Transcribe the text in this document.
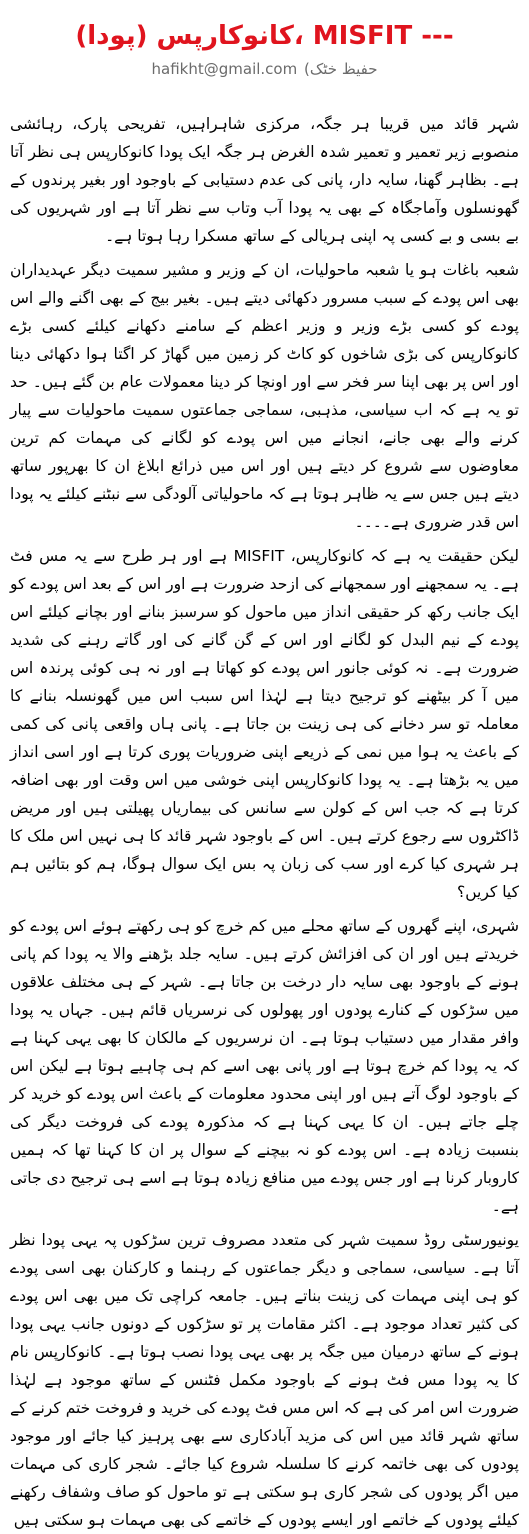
کانوکارپس (پودا)، MISFIT ---
hafikht@gmail.com (حفیظ خٹک

شہر قائد میں قریبا ہر جگہ، مرکزی شاہراہیں، تفریحی پارک، رہائشی منصوبے زیر تعمیر و تعمیر شدہ الغرض ہر جگہ ایک پودا کانوکارپس ہی نظر آتا ہے۔ بظاہر گھنا، سایہ دار، پانی کی عدم دستیابی کے باوجود اور بغیر پرندوں کے گھونسلوں وآماجگاہ کے بھی یہ پودا آب وتاب سے نظر آتا ہے اور شہریوں کی بے بسی و بے کسی پہ اپنی ہریالی کے ساتھ مسکرا رہا ہوتا ہے۔

شعبہ باغات ہو یا شعبہ ماحولیات، ان کے وزیر و مشیر سمیت دیگر عہدیداران بھی اس پودے کے سبب مسرور دکھائی دیتے ہیں۔ بغیر بیج کے بھی اگنے والے اس پودے کو کسی بڑے وزیر و وزیر اعظم کے سامنے دکھانے کیلئے کسی بڑے کانوکارپس کی بڑی شاخوں کو کاٹ کر زمین میں گھاڑ کر اگتا ہوا دکھائی دینا اور اس پر بھی اپنا سر فخر سے اور اونچا کر دینا معمولات عام بن گئے ہیں۔ حد تو یہ ہے کہ اب سیاسی، مذہبی، سماجی جماعتوں سمیت ماحولیات سے پیار کرنے والے بھی جانے، انجانے میں اس پودے کو لگانے کی مہمات کم ترین معاوضوں سے شروع کر دیتے ہیں اور اس میں ذرائع ابلاغ ان کا بھرپور ساتھ دیتے ہیں جس سے یہ ظاہر ہوتا ہے کہ ماحولیاتی آلودگی سے نبٹنے کیلئے یہ پودا اس قدر ضروری ہے۔۔۔۔

لیکن حقیقت یہ ہے کہ کانوکارپس، MISFIT ہے اور ہر طرح سے یہ مس فٹ ہے۔ یہ سمجھنے اور سمجھانے کی ازحد ضرورت ہے اور اس کے بعد اس پودے کو ایک جانب رکھ کر حقیقی انداز میں ماحول کو سرسبز بنانے اور بچانے کیلئے اس پودے کے نیم البدل کو لگانے اور اس کے گن گانے کی اور گاتے رہنے کی شدید ضرورت ہے۔ نہ کوئی جانور اس پودے کو کھاتا ہے اور نہ ہی کوئی پرندہ اس میں آ کر بیٹھنے کو ترجیح دیتا ہے لہٰذا اس سبب اس میں گھونسلہ بنانے کا معاملہ تو سر دخانے کی ہی زینت بن جاتا ہے۔ پانی ہاں واقعی پانی کی کمی کے باعث یہ ہوا میں نمی کے ذریعے اپنی ضروریات پوری کرتا ہے اور اسی انداز میں یہ بڑھتا ہے۔ یہ پودا کانوکارپس اپنی خوشی میں اس وقت اور بھی اضافہ کرتا ہے کہ جب اس کے کولن سے سانس کی بیماریاں پھیلتی ہیں اور مریض ڈاکٹروں سے رجوع کرتے ہیں۔ اس کے باوجود شہر قائد کا ہی نہیں اس ملک کا ہر شہری کیا کرے اور سب کی زبان پہ بس ایک سوال ہوگا، ہم کو بتائیں ہم کیا کریں؟

شہری، اپنے گھروں کے ساتھ محلے میں کم خرچ کو ہی رکھتے ہوئے اس پودے کو خریدتے ہیں اور ان کی افزائش کرتے ہیں۔ سایہ جلد بڑھنے والا یہ پودا کم پانی ہونے کے باوجود بھی سایہ دار درخت بن جاتا ہے۔ شہر کے ہی مختلف علاقوں میں سڑکوں کے کنارے پودوں اور پھولوں کی نرسریاں قائم ہیں۔ جہاں یہ پودا وافر مقدار میں دستیاب ہوتا ہے۔ ان نرسریوں کے مالکان کا بھی یہی کہنا ہے کہ یہ پودا کم خرچ ہوتا ہے اور پانی بھی اسے کم ہی چاہیے ہوتا ہے لیکن اس کے باوجود لوگ آتے ہیں اور اپنی محدود معلومات کے باعث اس پودے کو خرید کر چلے جاتے ہیں۔ ان کا یہی کہنا ہے کہ مذکورہ پودے کی فروخت دیگر کی بنسبت زیادہ ہے۔ اس پودے کو نہ بیچنے کے سوال پر ان کا کہنا تھا کہ ہمیں کاروبار کرنا ہے اور جس پودے میں منافع زیادہ ہوتا ہے اسے ہی ترجیح دی جاتی ہے۔

یونیورسٹی روڈ سمیت شہر کی متعدد مصروف ترین سڑکوں پہ یہی پودا نظر آتا ہے۔ سیاسی، سماجی و دیگر جماعتوں کے رہنما و کارکنان بھی اسی پودے کو ہی اپنی مہمات کی زینت بناتے ہیں۔ جامعہ کراچی تک میں بھی اس پودے کی کثیر تعداد موجود ہے۔ اکثر مقامات پر تو سڑکوں کے دونوں جانب یہی پودا ہونے کے ساتھ درمیان میں جگہ پر بھی یہی پودا نصب ہوتا ہے۔ کانوکارپس نام کا یہ پودا مس فٹ ہونے کے باوجود مکمل فٹنس کے ساتھ موجود ہے لہٰذا ضرورت اس امر کی ہے کہ اس مس فٹ پودے کی خرید و فروخت ختم کرنے کے ساتھ شہر قائد میں اس کی مزید آبادکاری سے بھی پرہیز کیا جائے اور موجود پودوں کی بھی خاتمہ کرنے کا سلسلہ شروع کیا جائے۔ شجر کاری کی مہمات میں اگر پودوں کی شجر کاری ہو سکتی ہے تو ماحول کو صاف وشفاف رکھنے کیلئے پودوں کے خاتمے اور ایسے پودوں کے خاتمے کی بھی مہمات ہو سکتی ہیں
